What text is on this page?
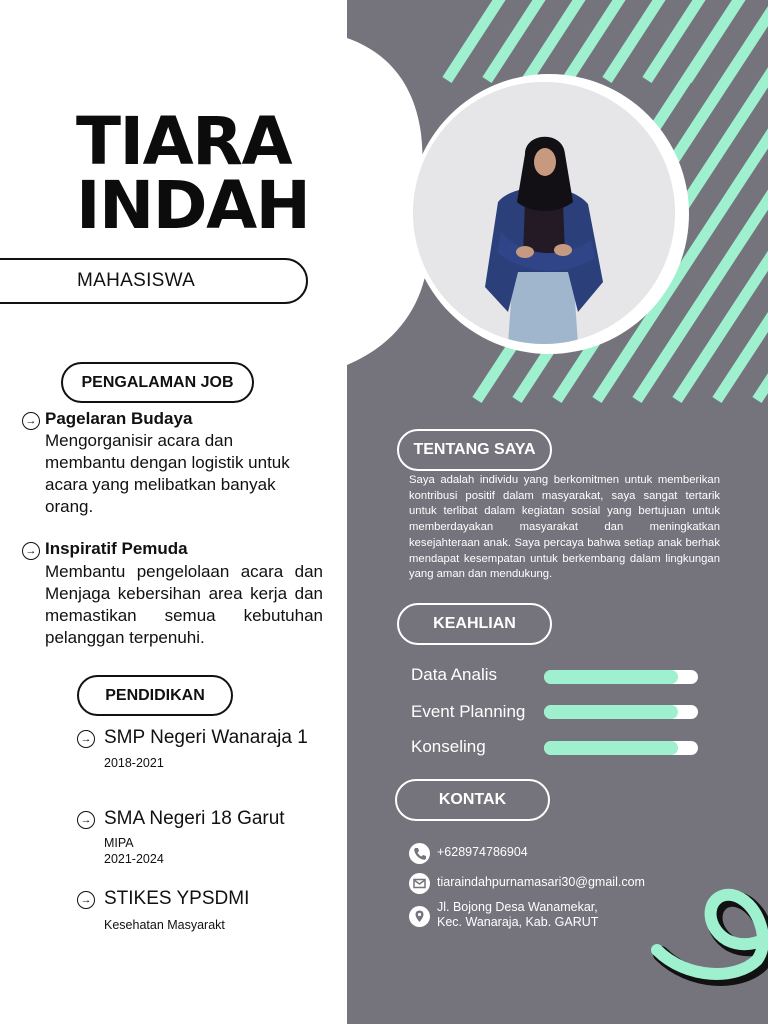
TIARA
INDAH
MAHASISWA
PENGALAMAN JOB
→ Pagelaran Budaya
Mengorganisir acara dan membantu dengan logistik untuk acara yang melibatkan banyak orang.
→ Inspiratif Pemuda
Membantu pengelolaan acara dan Menjaga kebersihan area kerja dan memastikan semua kebutuhan pelanggan terpenuhi.
PENDIDIKAN
→ SMP Negeri Wanaraja 1
2018-2021
→ SMA Negeri 18 Garut
MIPA
2021-2024
→ STIKES YPSDMI
Kesehatan Masyarakt
TENTANG SAYA
Saya adalah individu yang berkomitmen untuk memberikan kontribusi positif dalam masyarakat, saya sangat tertarik untuk terlibat dalam kegiatan sosial yang bertujuan untuk memberdayakan masyarakat dan meningkatkan kesejahteraan anak. Saya percaya bahwa setiap anak berhak mendapat kesempatan untuk berkembang dalam lingkungan yang aman dan mendukung.
KEAHLIAN
Data Analis
Event Planning
Konseling
KONTAK
+628974786904
tiaraindahpurnamasari30@gmail.com
Jl. Bojong Desa Wanamekar,
Kec. Wanaraja, Kab. GARUT
